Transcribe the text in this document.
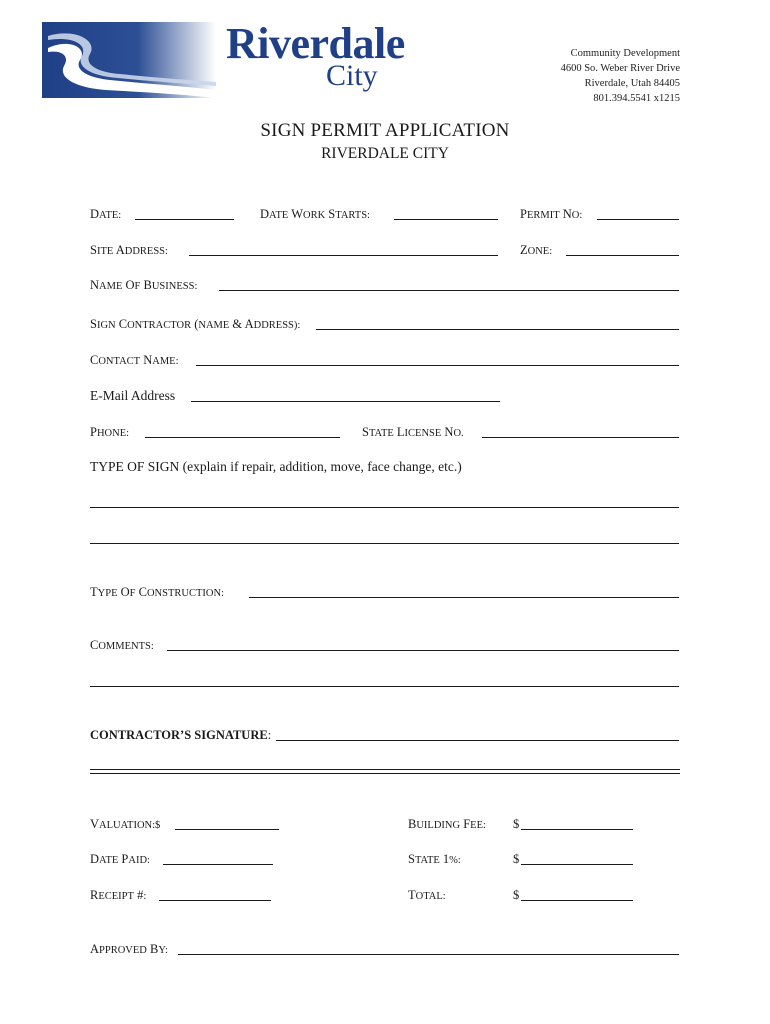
Riverdale
City
Community Development
4600 So. Weber River Drive
Riverdale, Utah 84405
801.394.5541 x1215
SIGN PERMIT APPLICATION
RIVERDALE CITY
DATE:	DATE WORK STARTS:	PERMIT NO:
SITE ADDRESS:	ZONE:
NAME OF BUSINESS:
SIGN CONTRACTOR (NAME & ADDRESS):
CONTACT NAME:
E-Mail Address
PHONE:	STATE LICENSE NO.
TYPE OF SIGN (explain if repair, addition, move, face change, etc.)
TYPE OF CONSTRUCTION:
COMMENTS:
CONTRACTOR’S SIGNATURE:
VALUATION:$	BUILDING FEE: $
DATE PAID:	STATE 1%:	$
RECEIPT #:	TOTAL:	$
APPROVED BY:
